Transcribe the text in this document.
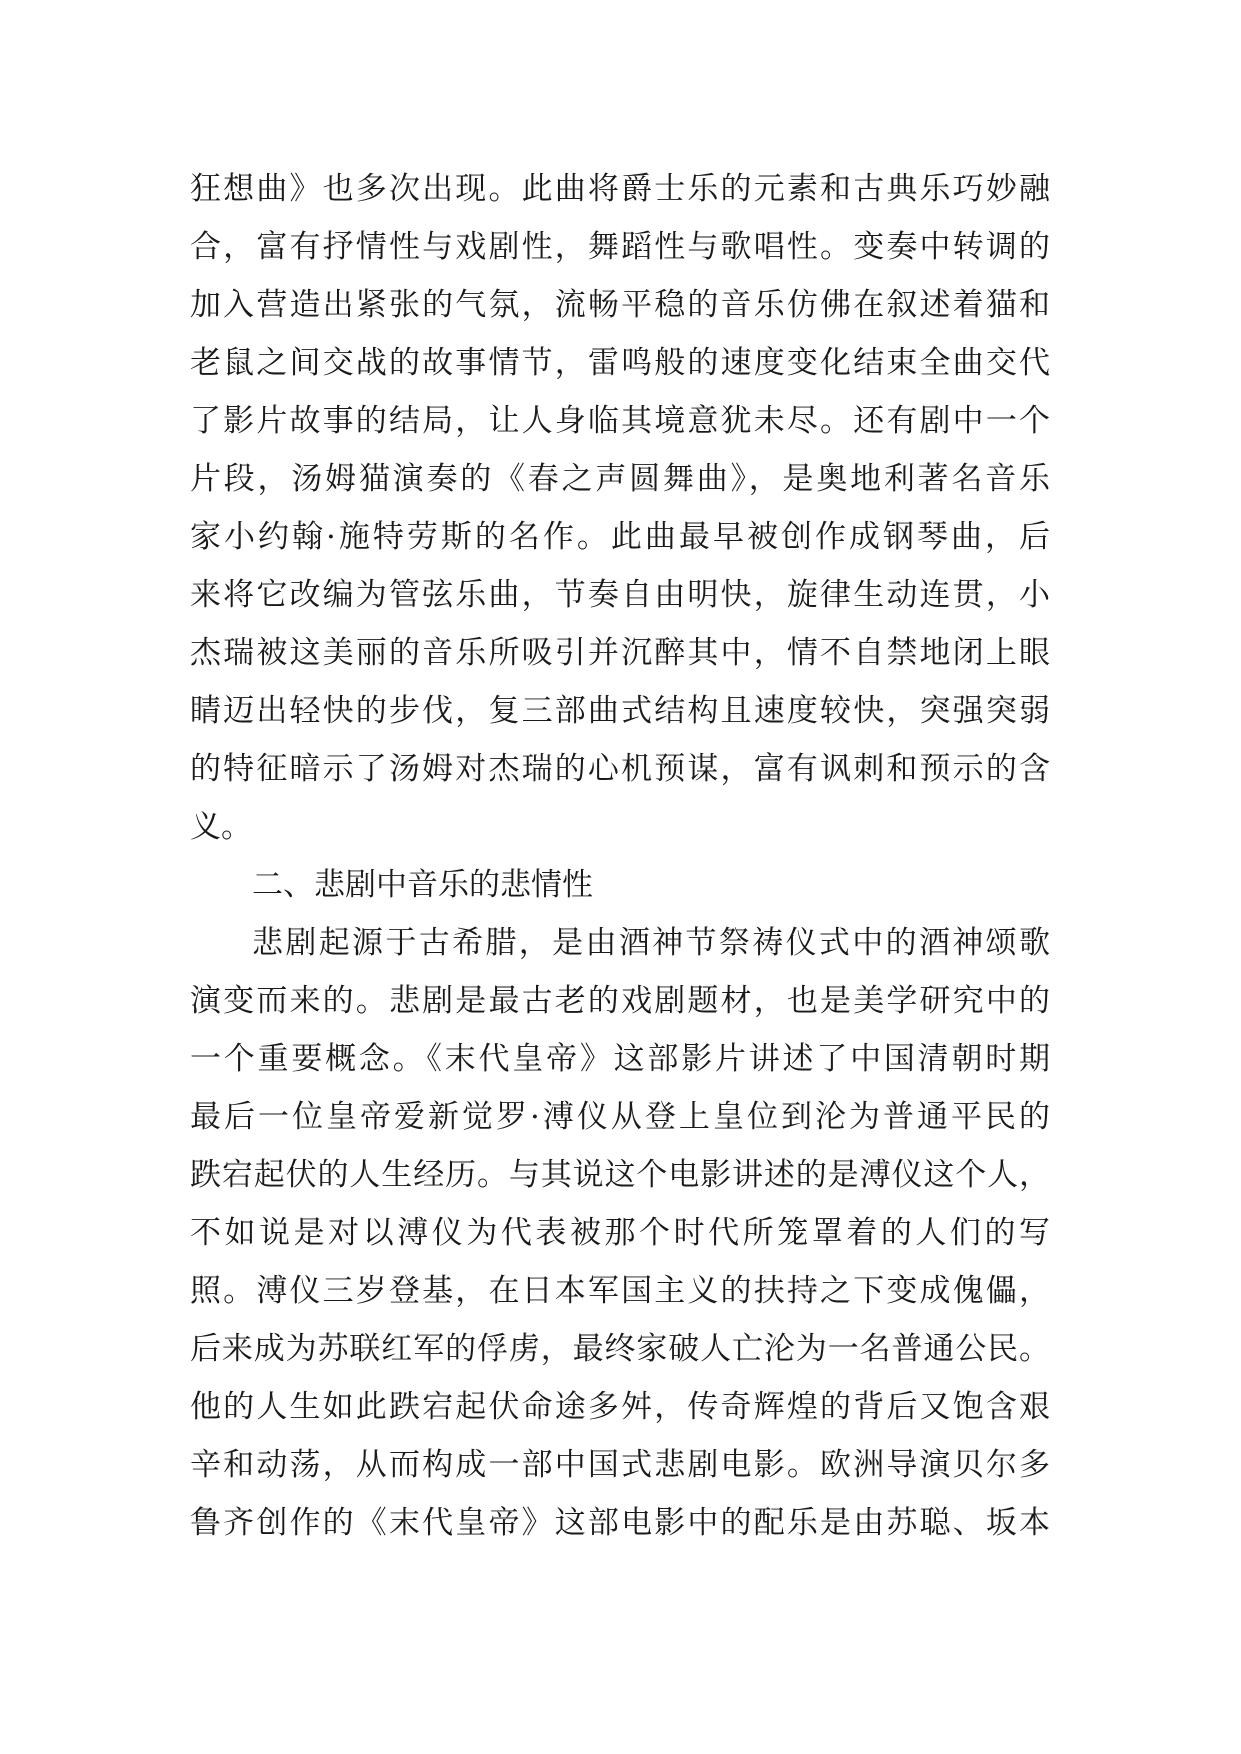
狂想曲》也多次出现。此曲将爵士乐的元素和古典乐巧妙融
合，富有抒情性与戏剧性，舞蹈性与歌唱性。变奏中转调的
加入营造出紧张的气氛，流畅平稳的音乐仿佛在叙述着猫和
老鼠之间交战的故事情节，雷鸣般的速度变化结束全曲交代
了影片故事的结局，让人身临其境意犹未尽。还有剧中一个
片段，汤姆猫演奏的《春之声圆舞曲》，是奥地利著名音乐
家小约翰·施特劳斯的名作。此曲最早被创作成钢琴曲，后
来将它改编为管弦乐曲，节奏自由明快，旋律生动连贯，小
杰瑞被这美丽的音乐所吸引并沉醉其中，情不自禁地闭上眼
睛迈出轻快的步伐，复三部曲式结构且速度较快，突强突弱
的特征暗示了汤姆对杰瑞的心机预谋，富有讽刺和预示的含
义。
二、悲剧中音乐的悲情性
悲剧起源于古希腊，是由酒神节祭祷仪式中的酒神颂歌
演变而来的。悲剧是最古老的戏剧题材，也是美学研究中的
一个重要概念。《末代皇帝》这部影片讲述了中国清朝时期
最后一位皇帝爱新觉罗·溥仪从登上皇位到沦为普通平民的
跌宕起伏的人生经历。与其说这个电影讲述的是溥仪这个人，
不如说是对以溥仪为代表被那个时代所笼罩着的人们的写
照。溥仪三岁登基，在日本军国主义的扶持之下变成傀儡，
后来成为苏联红军的俘虏，最终家破人亡沦为一名普通公民。
他的人生如此跌宕起伏命途多舛，传奇辉煌的背后又饱含艰
辛和动荡，从而构成一部中国式悲剧电影。欧洲导演贝尔多
鲁齐创作的《末代皇帝》这部电影中的配乐是由苏聪、坂本
